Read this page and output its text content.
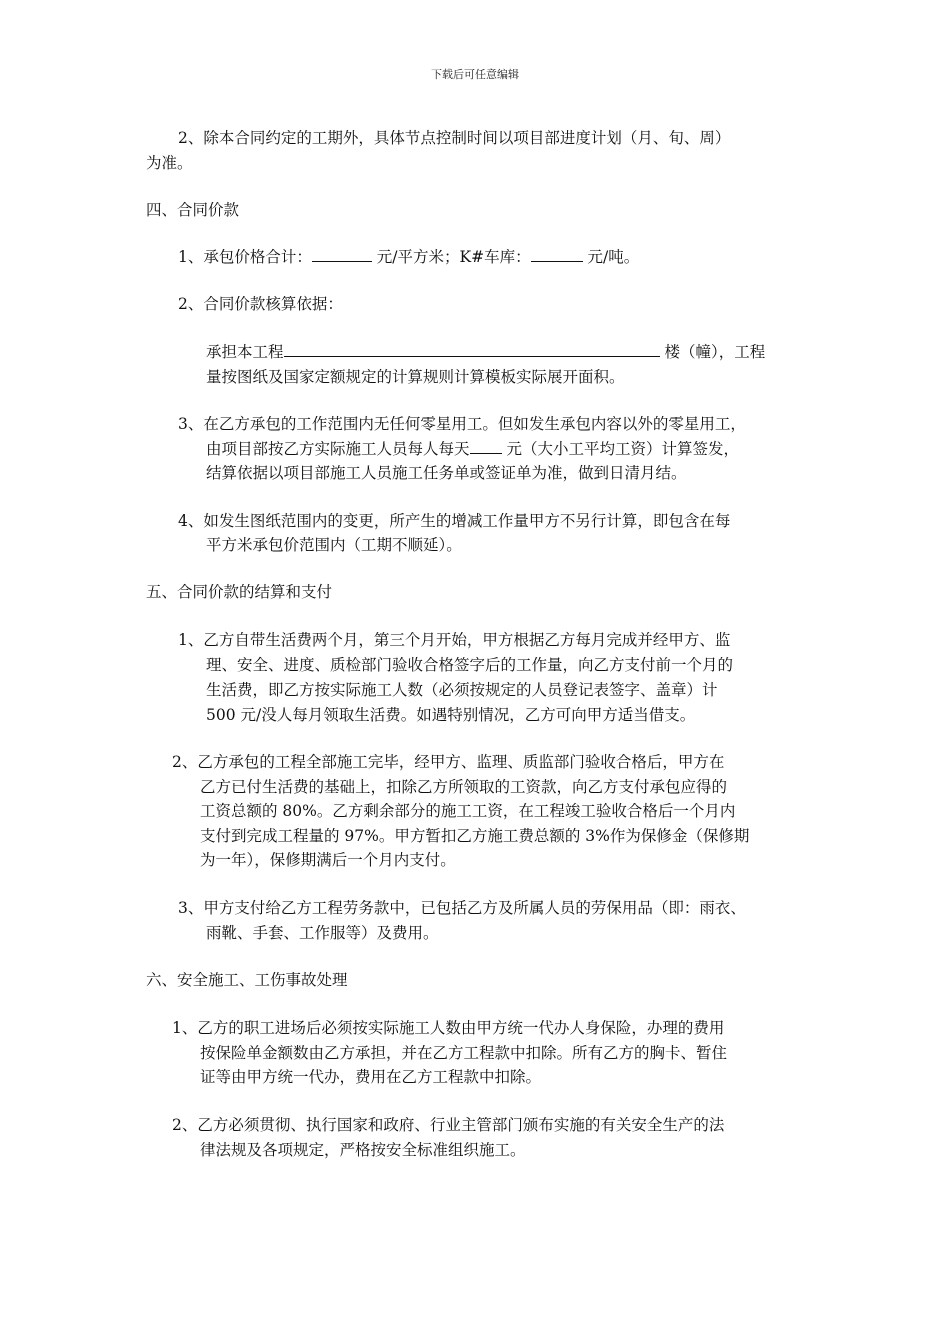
下载后可任意编辑
2、除本合同约定的工期外，具体节点控制时间以项目部进度计划（月、旬、周）
为准。
四、合同价款
1、承包价格合计：	元/平方米；K#车库：	元/吨。
2、合同价款核算依据：
承担本工程	楼（幢），工程
量按图纸及国家定额规定的计算规则计算模板实际展开面积。
3、在乙方承包的工作范围内无任何零星用工。但如发生承包内容以外的零星用工，
由项目部按乙方实际施工人员每人每天 元（大小工平均工资）计算签发，
结算依据以项目部施工人员施工任务单或签证单为准，做到日清月结。
4、如发生图纸范围内的变更，所产生的增减工作量甲方不另行计算，即包含在每
平方米承包价范围内（工期不顺延）。
五、合同价款的结算和支付
1、乙方自带生活费两个月，第三个月开始，甲方根据乙方每月完成并经甲方、监
理、安全、进度、质检部门验收合格签字后的工作量，向乙方支付前一个月的
生活费，即乙方按实际施工人数（必须按规定的人员登记表签字、盖章）计
500 元/没人每月领取生活费。如遇特别情况，乙方可向甲方适当借支。
2、乙方承包的工程全部施工完毕，经甲方、监理、质监部门验收合格后，甲方在
乙方已付生活费的基础上，扣除乙方所领取的工资款，向乙方支付承包应得的
工资总额的 80%。乙方剩余部分的施工工资，在工程竣工验收合格后一个月内
支付到完成工程量的 97%。甲方暂扣乙方施工费总额的 3%作为保修金（保修期
为一年），保修期满后一个月内支付。
3、甲方支付给乙方工程劳务款中，已包括乙方及所属人员的劳保用品（即：雨衣、
雨靴、手套、工作服等）及费用。
六、安全施工、工伤事故处理
1、乙方的职工进场后必须按实际施工人数由甲方统一代办人身保险，办理的费用
按保险单金额数由乙方承担，并在乙方工程款中扣除。所有乙方的胸卡、暂住
证等由甲方统一代办，费用在乙方工程款中扣除。
2、乙方必须贯彻、执行国家和政府、行业主管部门颁布实施的有关安全生产的法
律法规及各项规定，严格按安全标准组织施工。
